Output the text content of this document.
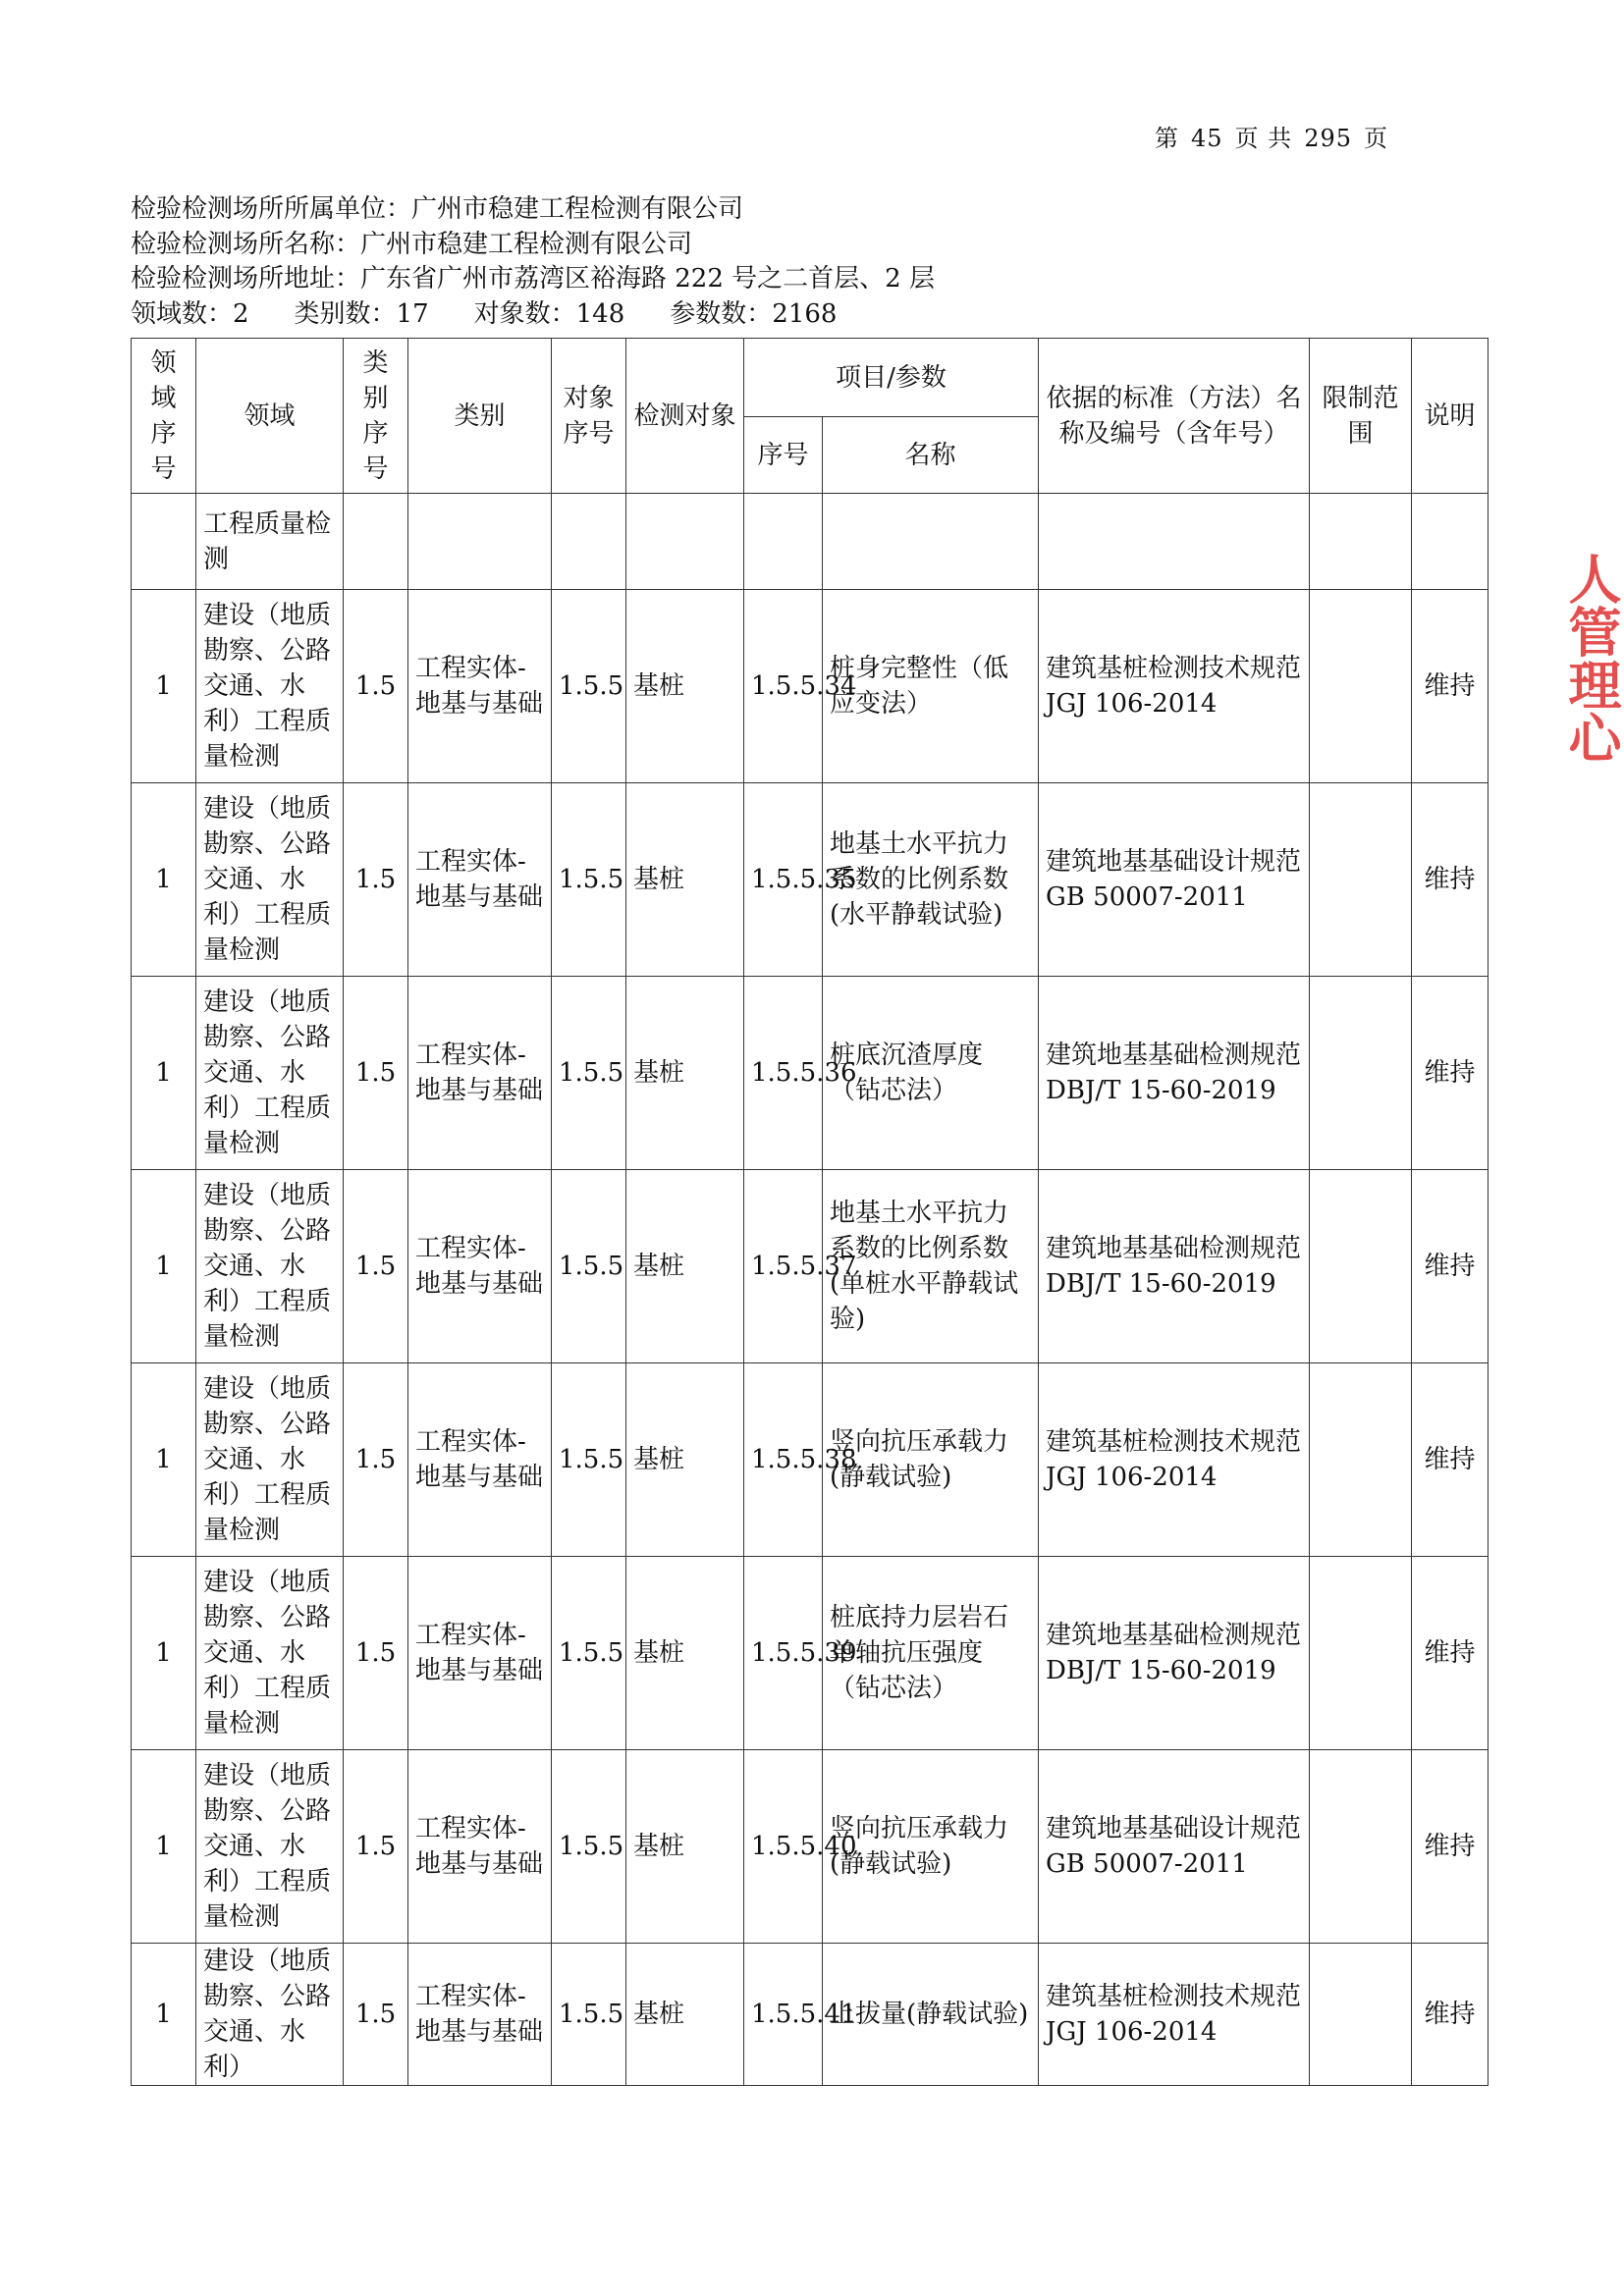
第 45 页 共 295 页
检验检测场所所属单位：广州市稳建工程检测有限公司
检验检测场所名称：广州市稳建工程检测有限公司
检验检测场所地址：广东省广州市荔湾区裕海路 222 号之二首层、2 层
领域数：2 类别数：17 对象数：148 参数数：2168
领域序号	领域	类别序号	类别	对象序号	检测对象	项目/参数		依据的标准（方法）名称及编号（含年号）	限制范围	说明
						序号	名称			
	工程质量检测									
1	建设（地质勘察、公路交通、水利）工程质量检测	1.5	工程实体-地基与基础	1.5.5	基桩	1.5.5.34	桩身完整性（低应变法）	建筑基桩检测技术规范　JGJ 106-2014		维持
1	建设（地质勘察、公路交通、水利）工程质量检测	1.5	工程实体-地基与基础	1.5.5	基桩	1.5.5.35	地基土水平抗力系数的比例系数(水平静载试验)	建筑地基基础设计规范 GB 50007-2011		维持
1	建设（地质勘察、公路交通、水利）工程质量检测	1.5	工程实体-地基与基础	1.5.5	基桩	1.5.5.36	桩底沉渣厚度（钻芯法）	建筑地基基础检测规范 DBJ/T 15-60-2019		维持
1	建设（地质勘察、公路交通、水利）工程质量检测	1.5	工程实体-地基与基础	1.5.5	基桩	1.5.5.37	地基土水平抗力系数的比例系数(单桩水平静载试验)	建筑地基基础检测规范 DBJ/T 15-60-2019		维持
1	建设（地质勘察、公路交通、水利）工程质量检测	1.5	工程实体-地基与基础	1.5.5	基桩	1.5.5.38	竖向抗压承载力(静载试验)	建筑基桩检测技术规范 JGJ 106-2014		维持
1	建设（地质勘察、公路交通、水利）工程质量检测	1.5	工程实体-地基与基础	1.5.5	基桩	1.5.5.39	桩底持力层岩石单轴抗压强度（钻芯法）	建筑地基基础检测规范 DBJ/T 15-60-2019		维持
1	建设（地质勘察、公路交通、水利）工程质量检测	1.5	工程实体-地基与基础	1.5.5	基桩	1.5.5.40	竖向抗压承载力(静载试验)	建筑地基基础设计规范 GB 50007-2011		维持
1	建设（地质勘察、公路交通、水利）	1.5	工程实体-地基与基础	1.5.5	基桩	1.5.5.41	上拔量(静载试验)	建筑基桩检测技术规范 JGJ 106-2014		维持
人管理心
